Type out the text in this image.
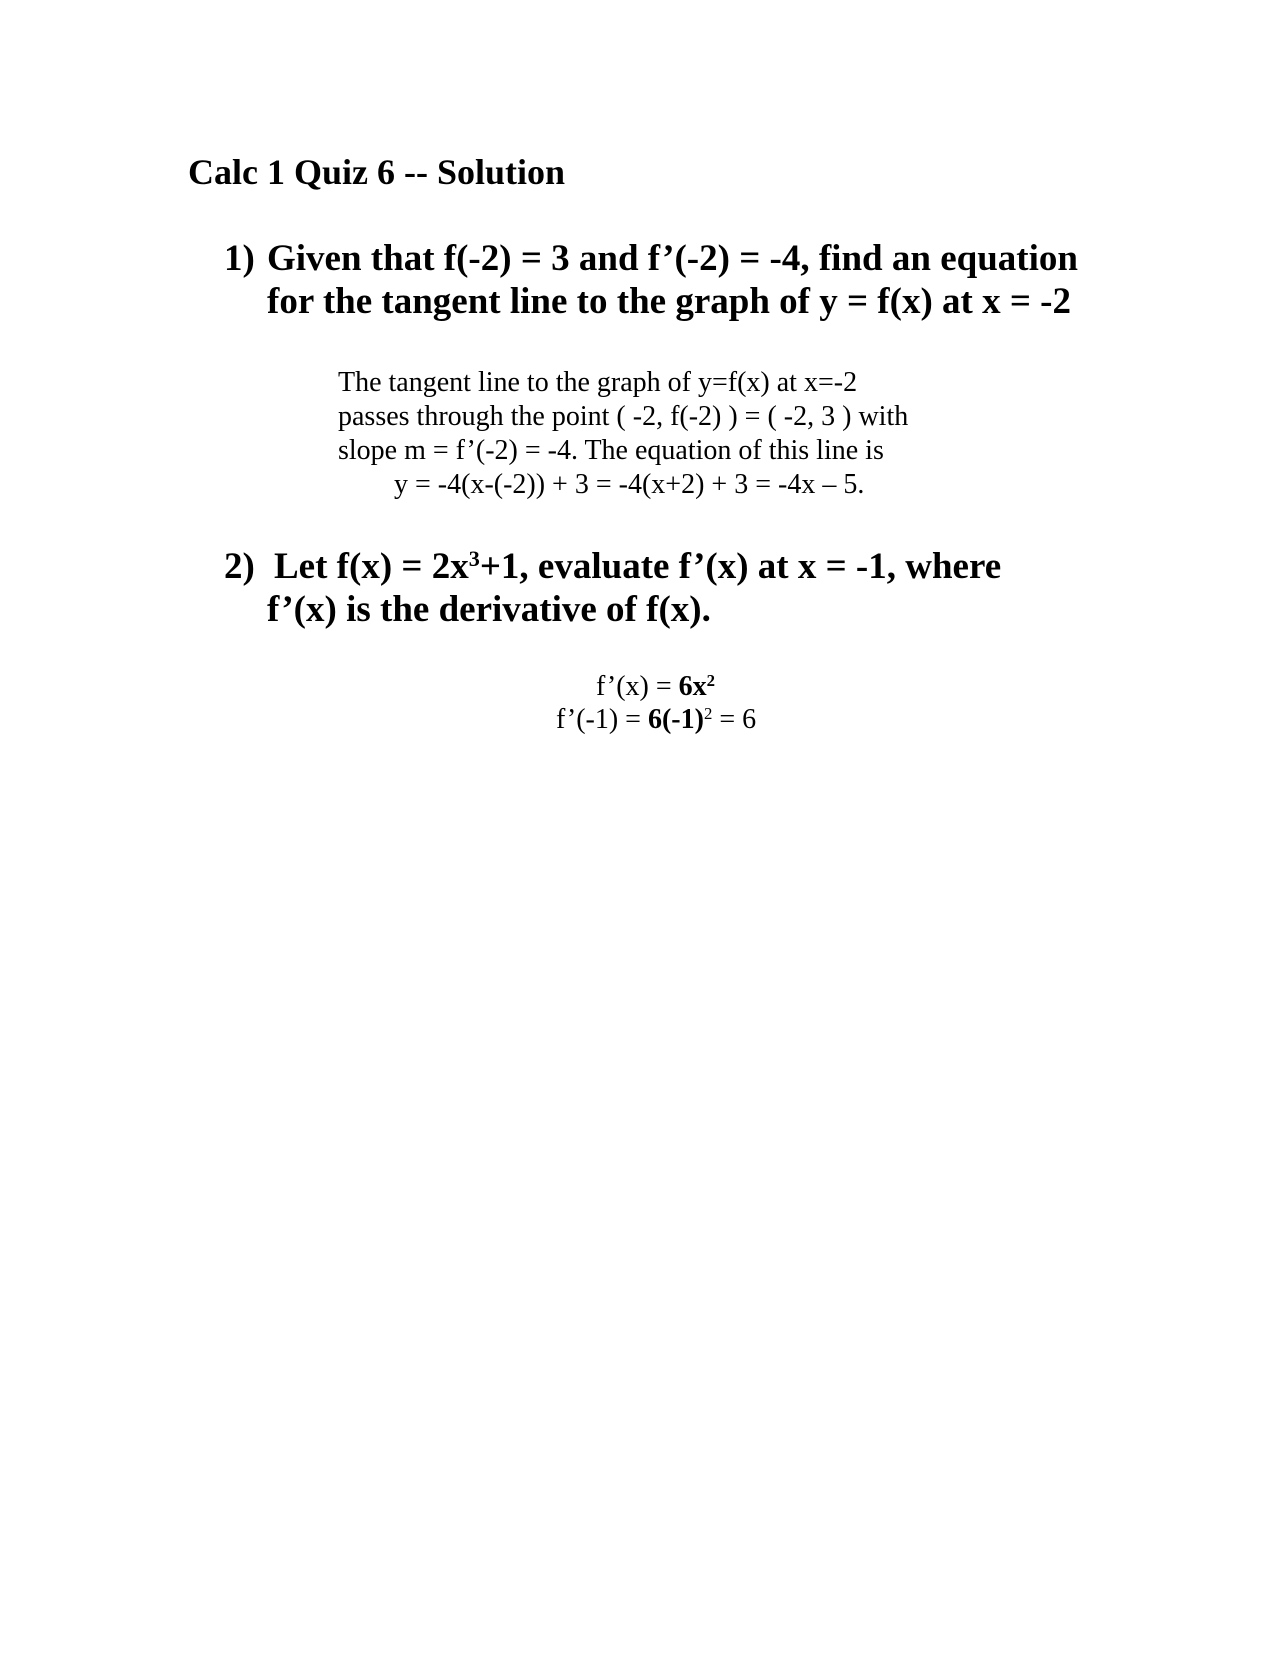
Calc 1 Quiz 6 -- Solution
1) Given that f(-2) = 3 and f’(-2) = -4, find an equation
for the tangent line to the graph of y = f(x) at x = -2
The tangent line to the graph of y=f(x) at x=-2
passes through the point ( -2, f(-2) ) = ( -2, 3 ) with
slope m = f’(-2) = -4. The equation of this line is
y = -4(x-(-2)) + 3 = -4(x+2) + 3 = -4x – 5.
2) Let $f(x) = 2x^3+1$, evaluate f’(x) at x = -1, where
f’(x) is the derivative of f(x).
f’(x) = $6x^2$
f’(-1) = $6(-1)^2 = 6$
